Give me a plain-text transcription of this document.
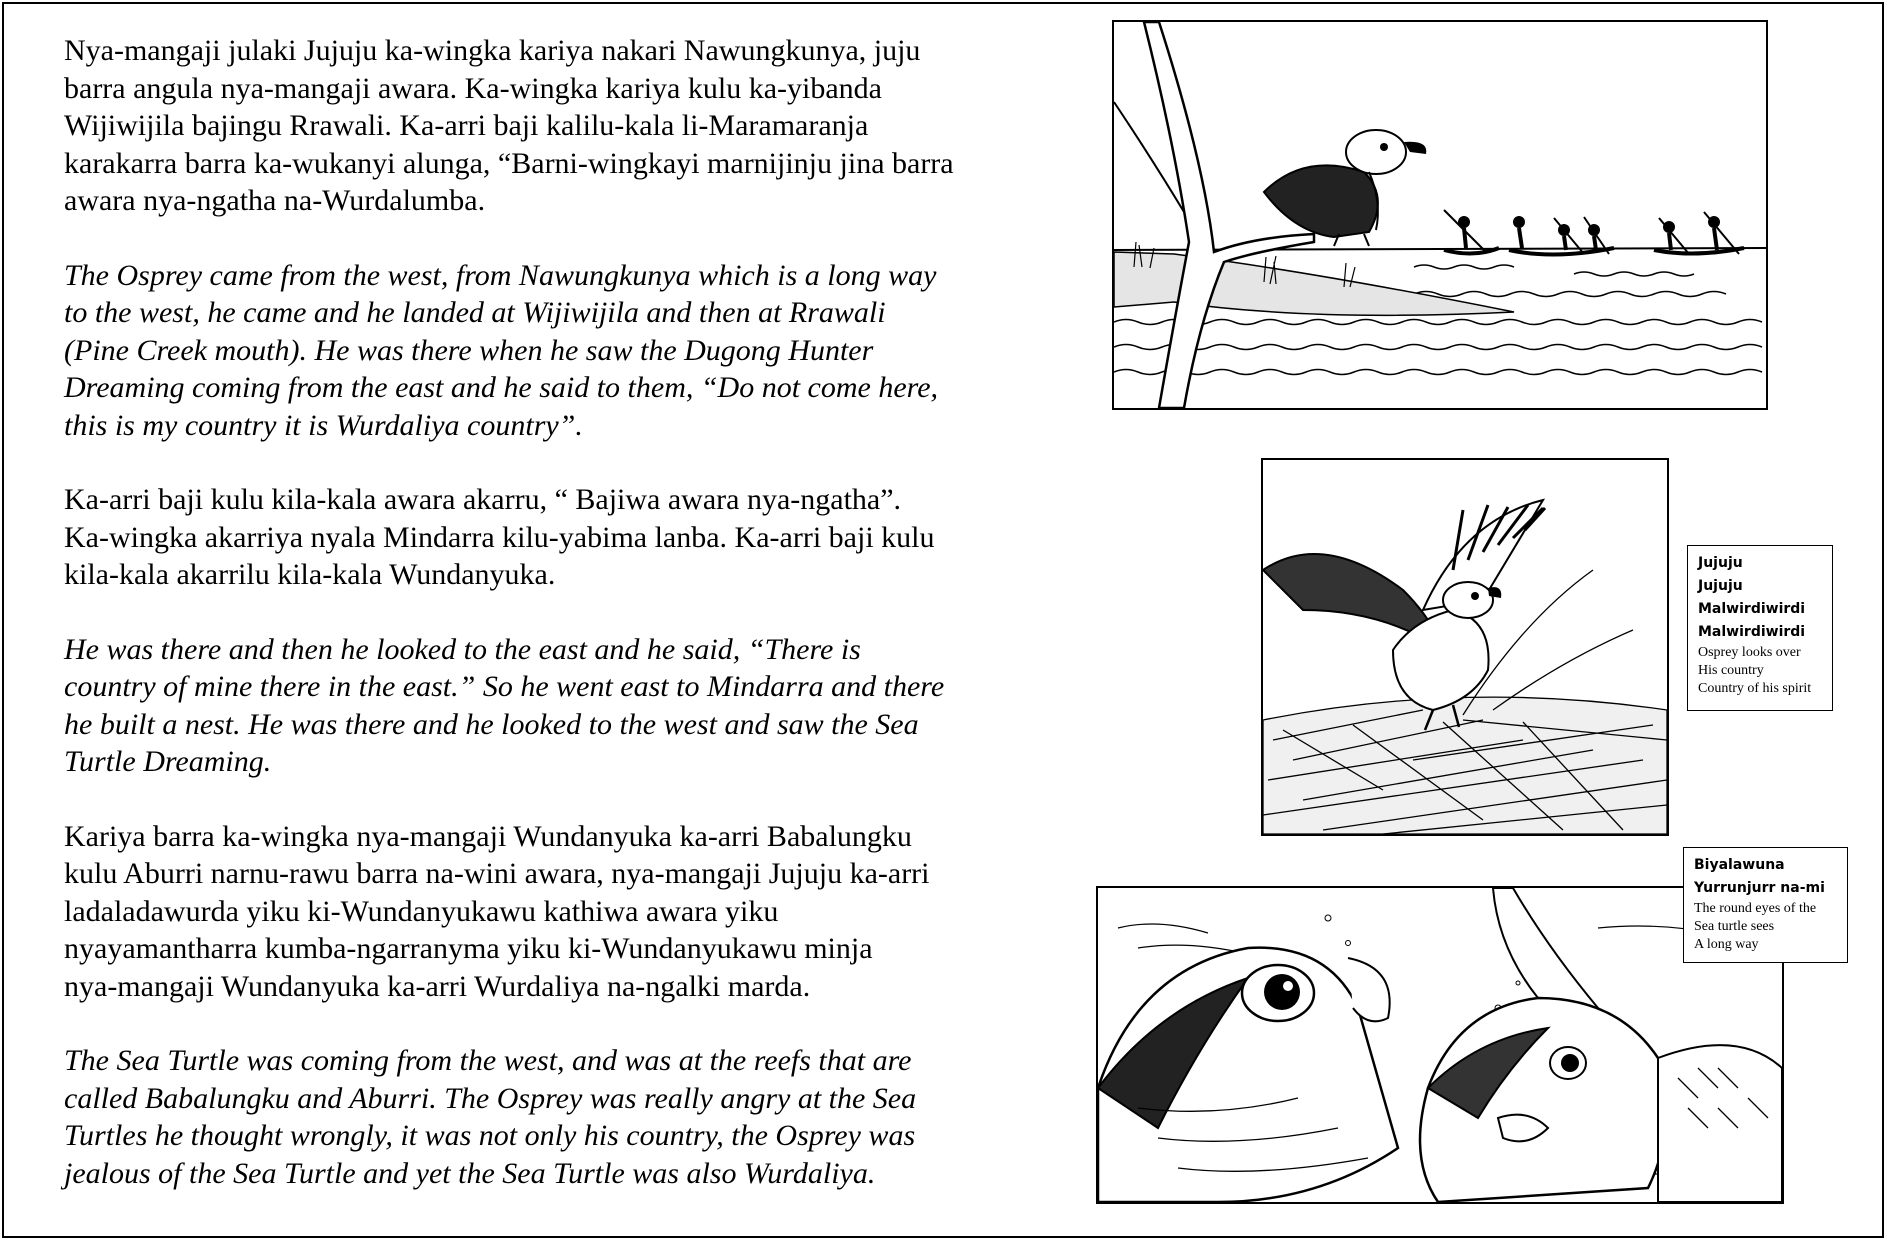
Nya-mangaji julaki Jujuju ka-wingka kariya nakari Nawungkunya, juju
barra angula nya-mangaji awara. Ka-wingka kariya kulu ka-yibanda
Wijiwijila bajingu Rrawali. Ka-arri baji kalilu-kala li-Maramaranja
karakarra barra ka-wukanyi alunga, “Barni-wingkayi marnijinju jina barra
awara nya-ngatha na-Wurdalumba.

The Osprey came from the west, from Nawungkunya which is a long way
to the west, he came and he landed at Wijiwijila and then at Rrawali
(Pine Creek mouth). He was there when he saw the Dugong Hunter
Dreaming coming from the east and he said to them, “Do not come here,
this is my country it is Wurdaliya country”.

Ka-arri baji kulu kila-kala awara akarru, “ Bajiwa awara nya-ngatha”.
Ka-wingka akarriya nyala Mindarra kilu-yabima lanba. Ka-arri baji kulu
kila-kala akarrilu kila-kala Wundanyuka.

He was there and then he looked to the east and he said, “There is
country of mine there in the east.” So he went east to Mindarra and there
he built a nest. He was there and he looked to the west and saw the Sea
Turtle Dreaming.

Kariya barra ka-wingka nya-mangaji Wundanyuka ka-arri Babalungku
kulu Aburri narnu-rawu barra na-wini awara, nya-mangaji Jujuju ka-arri
ladaladawurda yiku ki-Wundanyukawu kathiwa awara yiku
nyayamantharra kumba-ngarranyma yiku ki-Wundanyukawu minja
nya-mangaji Wundanyuka ka-arri Wurdaliya na-ngalki marda.

The Sea Turtle was coming from the west, and was at the reefs that are
called Babalungku and Aburri. The Osprey was really angry at the Sea
Turtles he thought wrongly, it was not only his country, the Osprey was
jealous of the Sea Turtle and yet the Sea Turtle was also Wurdaliya.

Jujuju
Jujuju
Malwirdiwirdi
Malwirdiwirdi
Osprey looks over
His country
Country of his spirit
Biyalawuna
Yurrunjurr na-mi
The round eyes of the
Sea turtle sees
A long way
